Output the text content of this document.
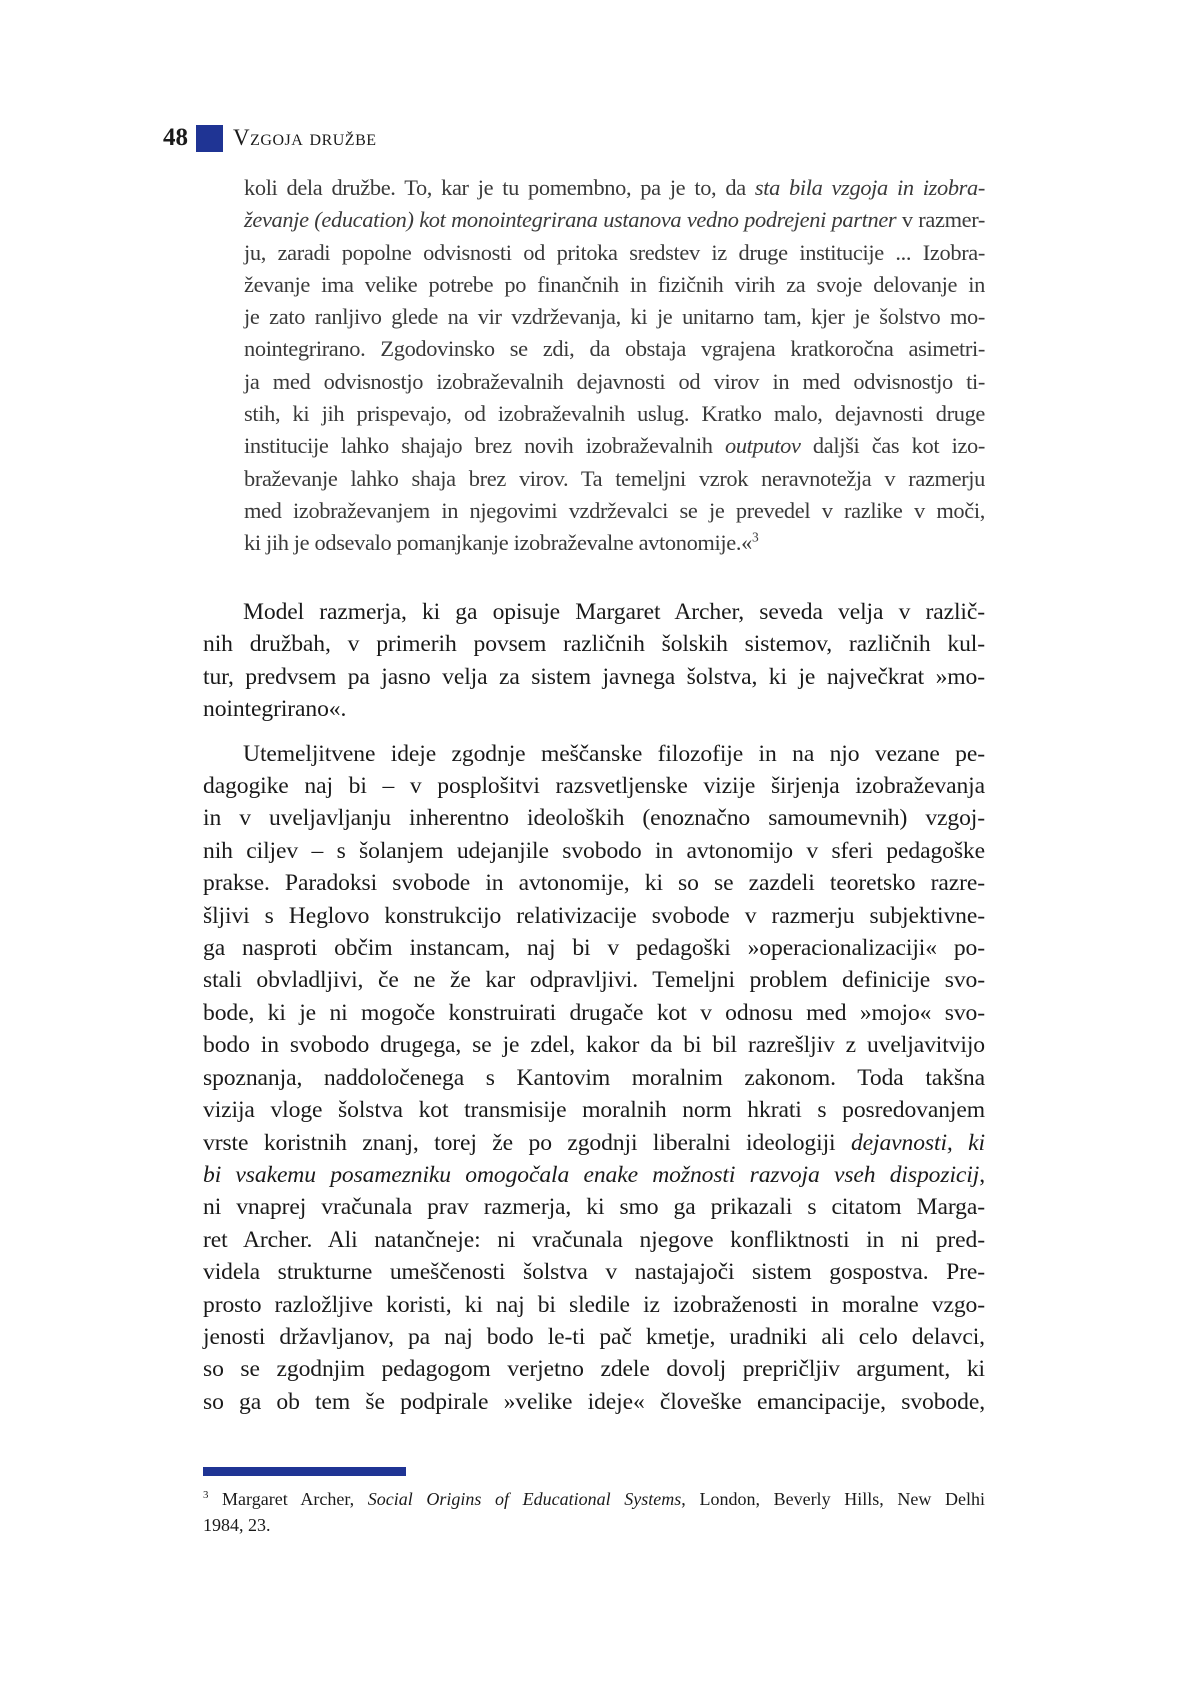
48 Vzgoja družbe
koli dela družbe. To, kar je tu pomembno, pa je to, da sta bila vzgoja in izobra-
ževanje (education) kot monointegrirana ustanova vedno podrejeni partner v razmer-
ju, zaradi popolne odvisnosti od pritoka sredstev iz druge institucije ... Izobra-
ževanje ima velike potrebe po finančnih in fizičnih virih za svoje delovanje in
je zato ranljivo glede na vir vzdrževanja, ki je unitarno tam, kjer je šolstvo mo-
nointegrirano. Zgodovinsko se zdi, da obstaja vgrajena kratkoročna asimetri-
ja med odvisnostjo izobraževalnih dejavnosti od virov in med odvisnostjo ti-
stih, ki jih prispevajo, od izobraževalnih uslug. Kratko malo, dejavnosti druge
institucije lahko shajajo brez novih izobraževalnih outputov daljši čas kot izo-
braževanje lahko shaja brez virov. Ta temeljni vzrok neravnotežja v razmerju
med izobraževanjem in njegovimi vzdrževalci se je prevedel v razlike v moči,
ki jih je odsevalo pomanjkanje izobraževalne avtonomije.«$^3$
Model razmerja, ki ga opisuje Margaret Archer, seveda velja v različ-
nih družbah, v primerih povsem različnih šolskih sistemov, različnih kul-
tur, predvsem pa jasno velja za sistem javnega šolstva, ki je največkrat »mo-
nointegrirano«.
Utemeljitvene ideje zgodnje meščanske filozofije in na njo vezane pe-
dagogike naj bi – v posplošitvi razsvetljenske vizije širjenja izobraževanja
in v uveljavljanju inherentno ideoloških (enoznačno samoumevnih) vzgoj-
nih ciljev – s šolanjem udejanjile svobodo in avtonomijo v sferi pedagoške
prakse. Paradoksi svobode in avtonomije, ki so se zazdeli teoretsko razre-
šljivi s Heglovo konstrukcijo relativizacije svobode v razmerju subjektivne-
ga nasproti občim instancam, naj bi v pedagoški »operacionalizaciji« po-
stali obvladljivi, če ne že kar odpravljivi. Temeljni problem definicije svo-
bode, ki je ni mogoče konstruirati drugače kot v odnosu med »mojo« svo-
bodo in svobodo drugega, se je zdel, kakor da bi bil razrešljiv z uveljavitvijo
spoznanja, naddoločenega s Kantovim moralnim zakonom. Toda takšna
vizija vloge šolstva kot transmisije moralnih norm hkrati s posredovanjem
vrste koristnih znanj, torej že po zgodnji liberalni ideologiji dejavnosti, ki
bi vsakemu posamezniku omogočala enake možnosti razvoja vseh dispozicij,
ni vnaprej vračunala prav razmerja, ki smo ga prikazali s citatom Marga-
ret Archer. Ali natančneje: ni vračunala njegove konfliktnosti in ni pred-
videla strukturne umeščenosti šolstva v nastajajoči sistem gospostva. Pre-
prosto razložljive koristi, ki naj bi sledile iz izobraženosti in moralne vzgo-
jenosti državljanov, pa naj bodo le-ti pač kmetje, uradniki ali celo delavci,
so se zgodnjim pedagogom verjetno zdele dovolj prepričljiv argument, ki
so ga ob tem še podpirale »velike ideje« človeške emancipacije, svobode,
$^3$ Margaret Archer, Social Origins of Educational Systems, London, Beverly Hills, New Delhi
1984, 23.
